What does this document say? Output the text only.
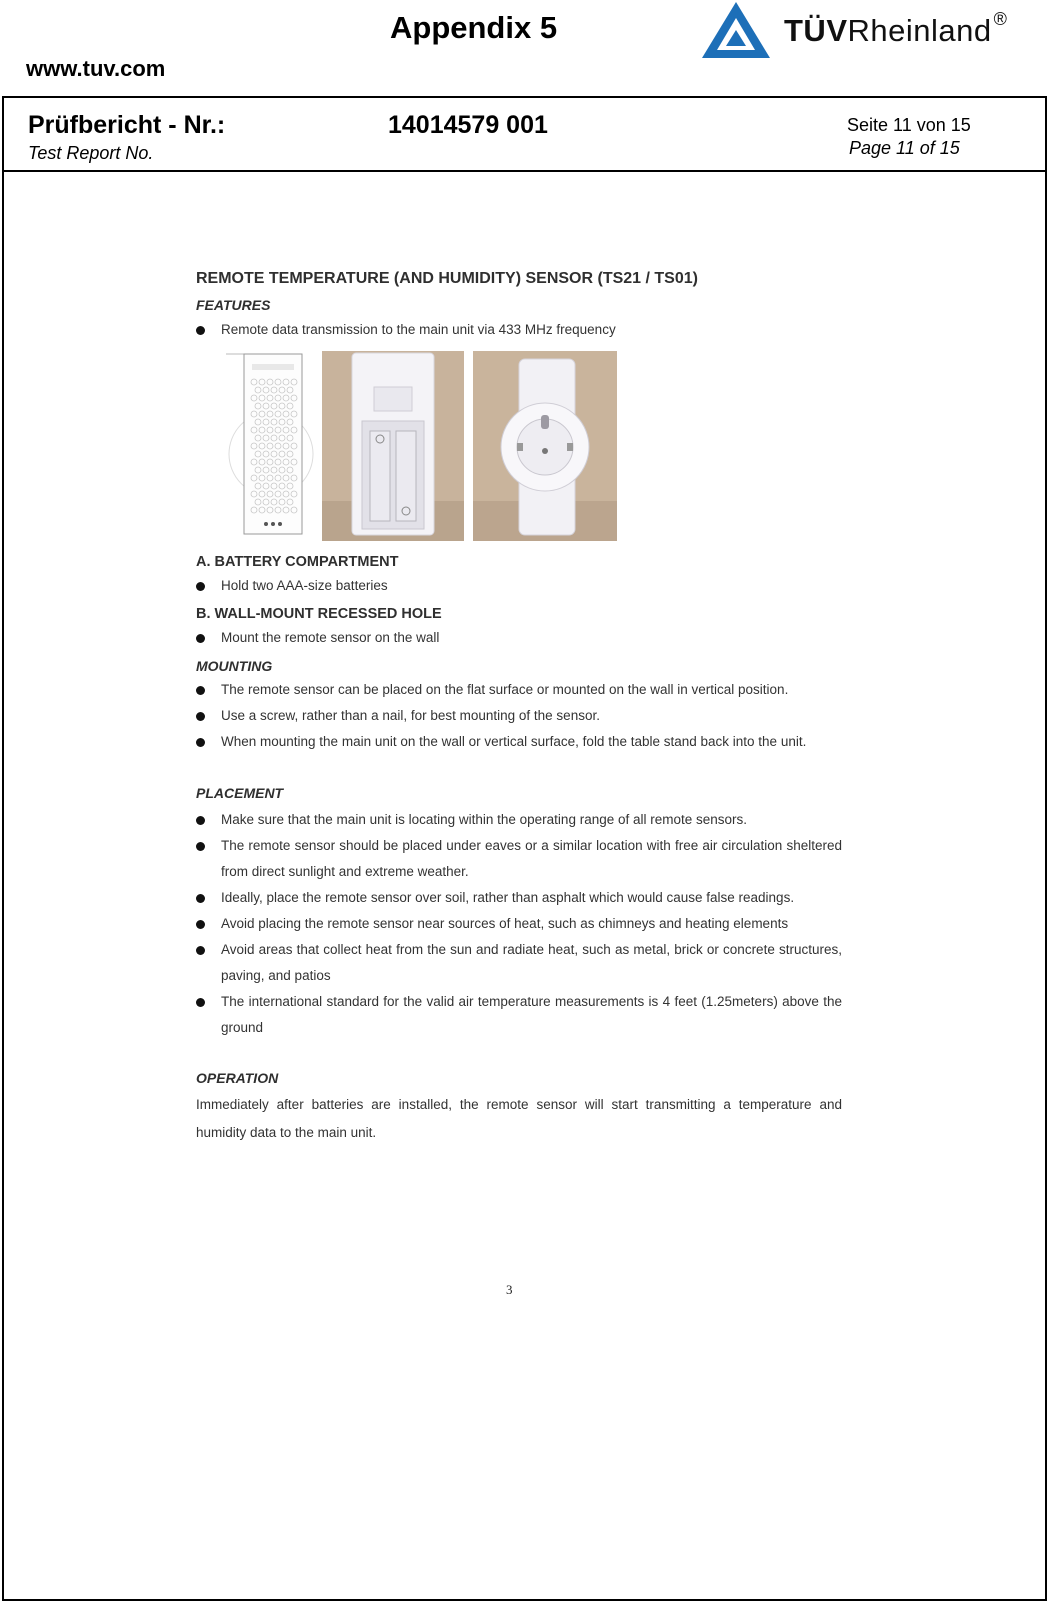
www.tuv.com
Appendix 5	TÜVRheinland ®
Prüfbericht - Nr.:
Test Report No.
14014579 001	Seite 11 von 15
Page 11 of 15
REMOTE TEMPERATURE (AND HUMIDITY) SENSOR (TS21 / TS01)
FEATURES
Remote data transmission to the main unit via 433 MHz frequency
A. BATTERY COMPARTMENT
Hold two AAA-size batteries
B. WALL-MOUNT RECESSED HOLE
Mount the remote sensor on the wall
MOUNTING
The remote sensor can be placed on the flat surface or mounted on the wall in vertical position.
Use a screw, rather than a nail, for best mounting of the sensor.
When mounting the main unit on the wall or vertical surface, fold the table stand back into the unit.
PLACEMENT
Make sure that the main unit is locating within the operating range of all remote sensors.
The remote sensor should be placed under eaves or a similar location with free air circulation sheltered from direct sunlight and extreme weather.
Ideally, place the remote sensor over soil, rather than asphalt which would cause false readings.
Avoid placing the remote sensor near sources of heat, such as chimneys and heating elements
Avoid areas that collect heat from the sun and radiate heat, such as metal, brick or concrete structures, paving, and patios
The international standard for the valid air temperature measurements is 4 feet (1.25meters) above the ground
OPERATION
Immediately after batteries are installed, the remote sensor will start transmitting a temperature and humidity data to the main unit.
3
